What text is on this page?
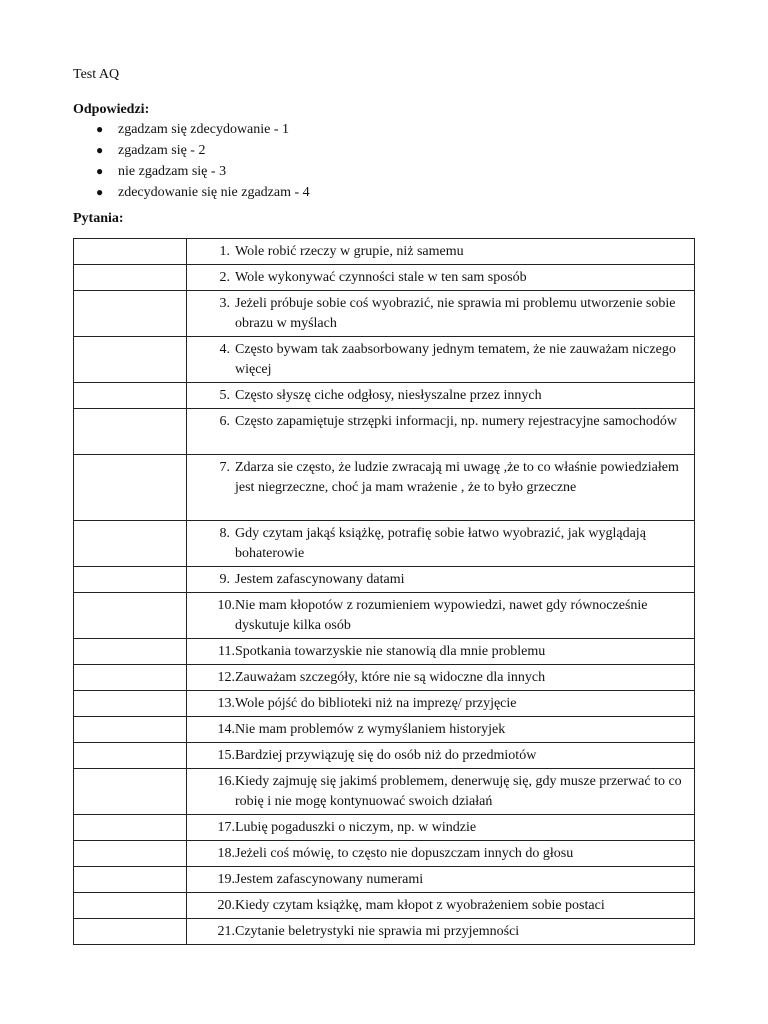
Test AQ
Odpowiedzi:
●	zgadzam się zdecydowanie - 1
●	zgadzam się - 2
●	nie zgadzam się - 3
●	zdecydowanie się nie zgadzam - 4
Pytania:

	1. Wole robić rzeczy w grupie, niż samemu

	2. Wole wykonywać czynności stale w ten sam sposób

	3. Jeżeli próbuje sobie coś wyobrazić, nie sprawia mi problemu utworzenie sobie obrazu w myślach

	4. Często bywam tak zaabsorbowany jednym tematem, że nie zauważam niczego więcej

	5. Często słyszę ciche odgłosy, niesłyszalne przez innych

	6. Często zapamiętuje strzępki informacji, np. numery rejestracyjne samochodów

	7. Zdarza sie często, że ludzie zwracają mi uwagę ,że to co właśnie powiedziałem jest niegrzeczne, choć ja mam wrażenie , że to było grzeczne

	8. Gdy czytam jakąś książkę, potrafię sobie łatwo wyobrazić, jak wyglądają bohaterowie

	9. Jestem zafascynowany datami

	10. Nie mam kłopotów z rozumieniem wypowiedzi, nawet gdy równocześnie dyskutuje kilka osób

	11. Spotkania towarzyskie nie stanowią dla mnie problemu

	12. Zauważam szczegóły, które nie są widoczne dla innych

	13. Wole pójść do biblioteki niż na imprezę/ przyjęcie

	14. Nie mam problemów z wymyślaniem historyjek

	15. Bardziej przywiązuję się do osób niż do przedmiotów

	16. Kiedy zajmuję się jakimś problemem, denerwuję się, gdy musze przerwać to co robię i nie mogę kontynuować swoich działań

	17. Lubię pogaduszki o niczym, np. w windzie

	18. Jeżeli coś mówię, to często nie dopuszczam innych do głosu

	19. Jestem zafascynowany numerami

	20. Kiedy czytam książkę, mam kłopot z wyobrażeniem sobie postaci

	21. Czytanie beletrystyki nie sprawia mi przyjemności
